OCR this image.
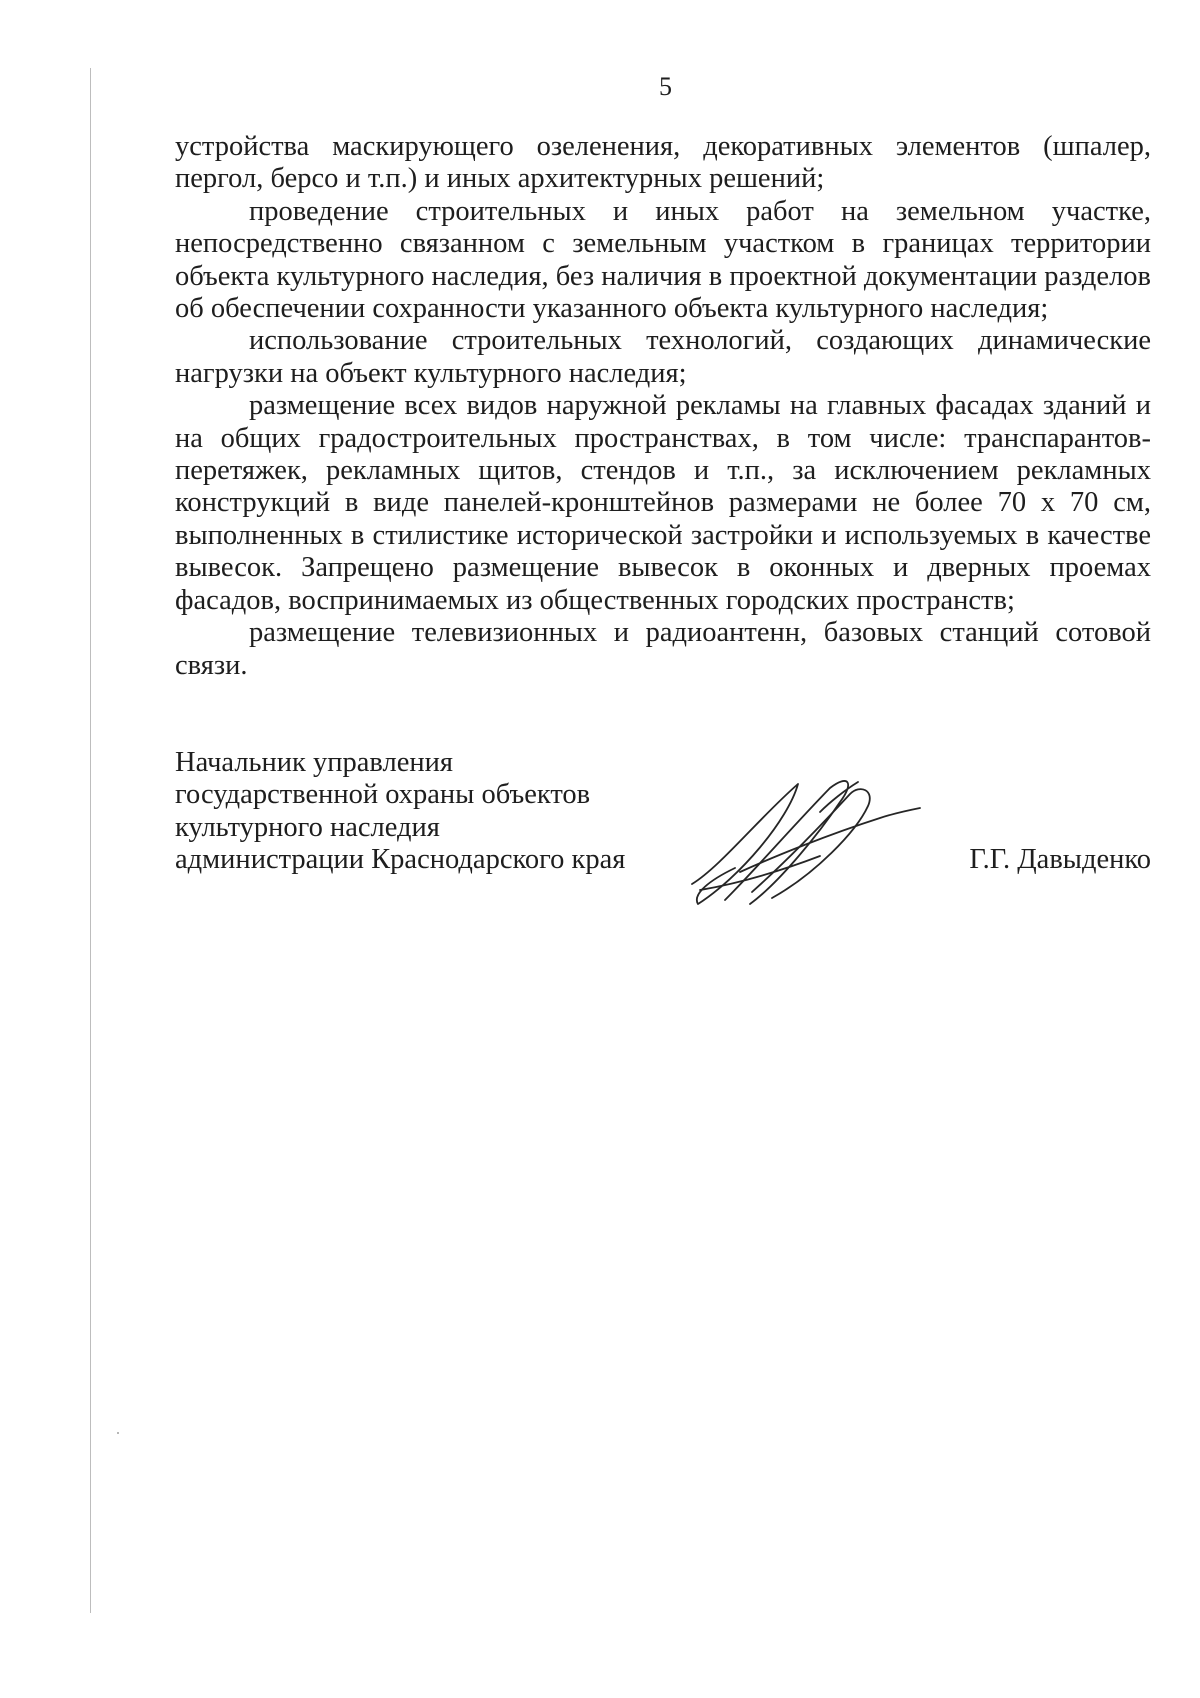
5

устройства маскирующего озеленения, декоративных элементов (шпалер, пергол, берсо и т.п.) и иных архитектурных решений;

проведение строительных и иных работ на земельном участке, непосредственно связанном с земельным участком в границах территории объекта культурного наследия, без наличия в проектной документации разделов об обеспечении сохранности указанного объекта культурного наследия;

использование строительных технологий, создающих динамические нагрузки на объект культурного наследия;

размещение всех видов наружной рекламы на главных фасадах зданий и на общих градостроительных пространствах, в том числе: транспарантов-перетяжек, рекламных щитов, стендов и т.п., за исключением рекламных конструкций в виде панелей-кронштейнов размерами не более 70 х 70 см, выполненных в стилистике исторической застройки и используемых в качестве вывесок. Запрещено размещение вывесок в оконных и дверных проемах фасадов, воспринимаемых из общественных городских пространств;

размещение телевизионных и радиоантенн, базовых станций сотовой связи.

Начальник управления
государственной охраны объектов
культурного наследия
администрации Краснодарского края	Г.Г. Давыденко
